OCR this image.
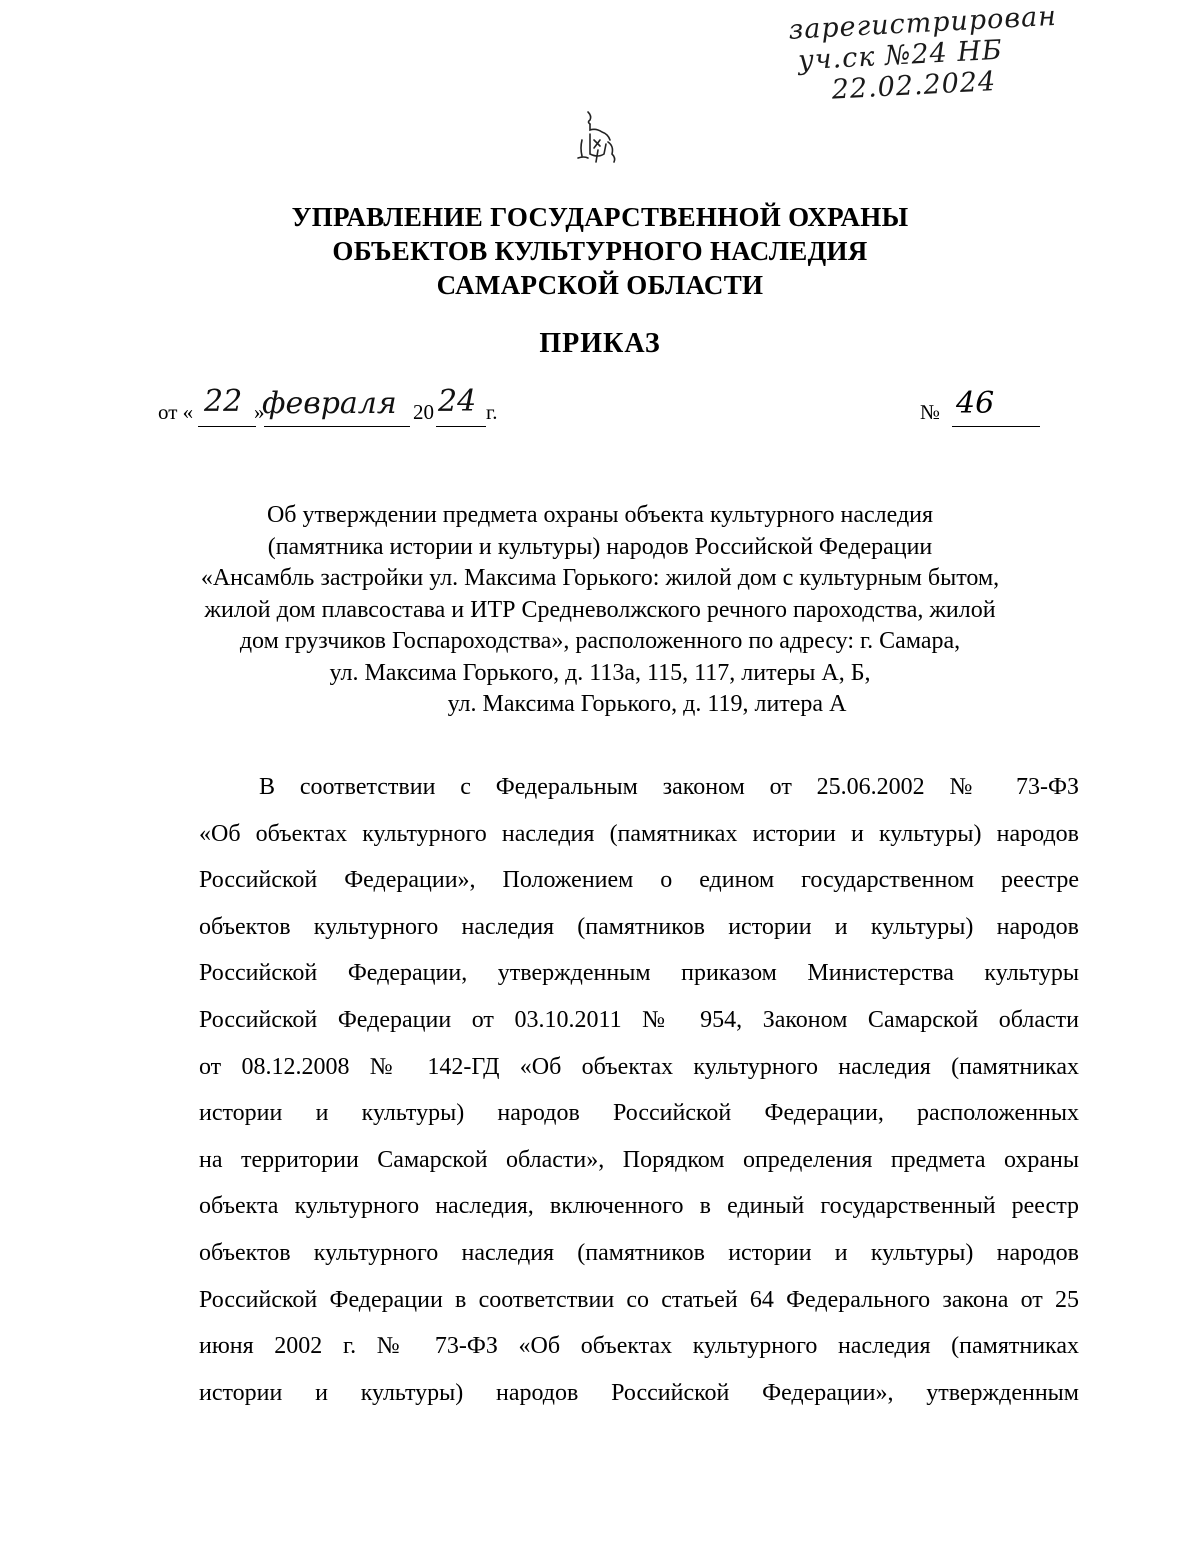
зарегистрирован
уч.ск №24 НБ
22.02.2024
УПРАВЛЕНИЕ ГОСУДАРСТВЕННОЙ ОХРАНЫ
ОБЪЕКТОВ КУЛЬТУРНОГО НАСЛЕДИЯ
САМАРСКОЙ ОБЛАСТИ
ПРИКАЗ
от « 22 »
февраля 20 24 г.	№ 46
Об утверждении предмета охраны объекта культурного наследия
(памятника истории и культуры) народов Российской Федерации
«Ансамбль застройки ул. Максима Горького: жилой дом с культурным бытом,
жилой дом плавсостава и ИТР Средневолжского речного пароходства, жилой
дом грузчиков Госпароходства», расположенного по адресу: г. Самара,
ул. Максима Горького, д. 113а, 115, 117, литеры А, Б,
ул. Максима Горького, д. 119, литера А
В соответствии с Федеральным законом от 25.06.2002 № 73-ФЗ
«Об объектах культурного наследия (памятниках истории и культуры) народов
Российской Федерации», Положением о едином государственном реестре
объектов культурного наследия (памятников истории и культуры) народов
Российской Федерации, утвержденным приказом Министерства культуры
Российской Федерации от 03.10.2011 № 954, Законом Самарской области
от 08.12.2008 № 142-ГД «Об объектах культурного наследия (памятниках
истории и культуры) народов Российской Федерации, расположенных
на территории Самарской области», Порядком определения предмета охраны
объекта культурного наследия, включенного в единый государственный реестр
объектов культурного наследия (памятников истории и культуры) народов
Российской Федерации в соответствии со статьей 64 Федерального закона от 25
июня 2002 г. № 73-ФЗ «Об объектах культурного наследия (памятниках
истории и культуры) народов Российской Федерации», утвержденным
